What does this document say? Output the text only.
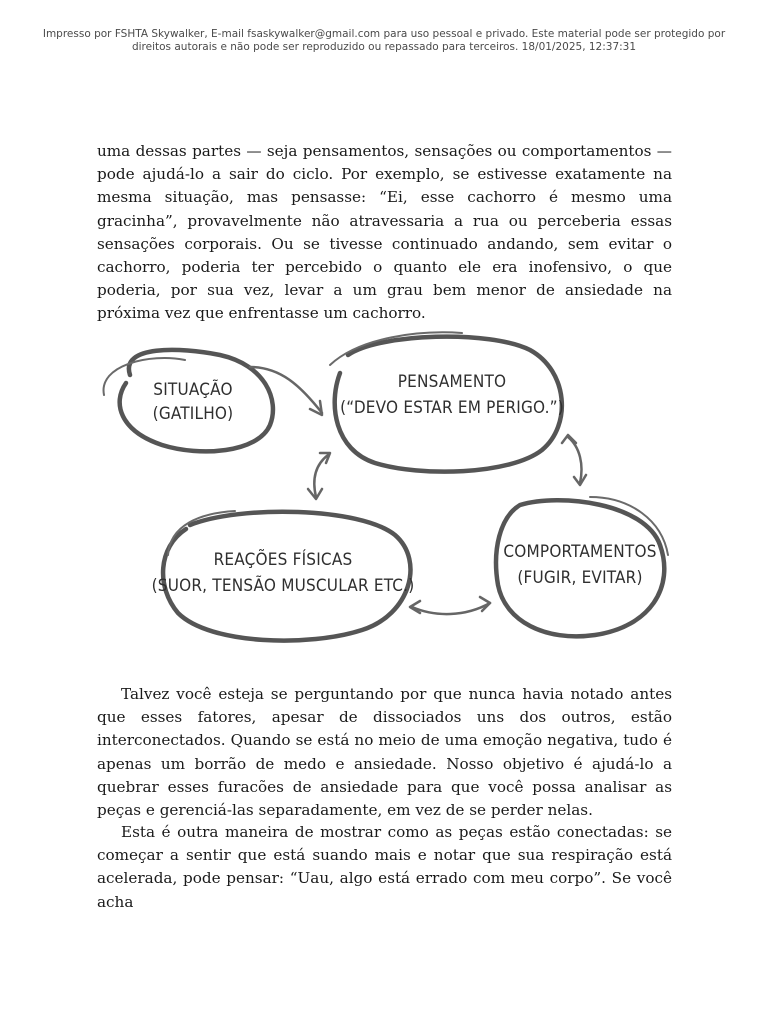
Impresso por FSHTA Skywalker, E-mail fsaskywalker@gmail.com para uso pessoal e privado. Este material pode ser protegido por
direitos autorais e não pode ser reproduzido ou repassado para terceiros. 18/01/2025, 12:37:31

uma dessas partes — seja pensamentos, sensações ou comportamentos — pode ajudá-lo a sair do ciclo. Por exemplo, se estivesse exatamente na mesma situação, mas pensasse: “Ei, esse cachorro é mesmo uma gracinha”, provavelmente não atravessaria a rua ou perceberia essas sensações corporais. Ou se tivesse continuado andando, sem evitar o cachorro, poderia ter percebido o quanto ele era inofensivo, o que poderia, por sua vez, levar a um grau bem menor de ansiedade na próxima vez que enfrentasse um cachorro.

SITUAÇÃO
(GATILHO)
PENSAMENTO
(“DEVO ESTAR EM PERIGO.”)
REAÇÕES FÍSICAS
(SUOR, TENSÃO MUSCULAR ETC.)
COMPORTAMENTOS
(FUGIR, EVITAR)

Talvez você esteja se perguntando por que nunca havia notado antes que esses fatores, apesar de dissociados uns dos outros, estão interconectados. Quando se está no meio de uma emoção negativa, tudo é apenas um borrão de medo e ansiedade. Nosso objetivo é ajudá-lo a quebrar esses furacões de ansiedade para que você possa analisar as peças e gerenciá-las separadamente, em vez de se perder nelas.

Esta é outra maneira de mostrar como as peças estão conectadas: se começar a sentir que está suando mais e notar que sua respiração está acelerada, pode pensar: “Uau, algo está errado com meu corpo”. Se você acha
